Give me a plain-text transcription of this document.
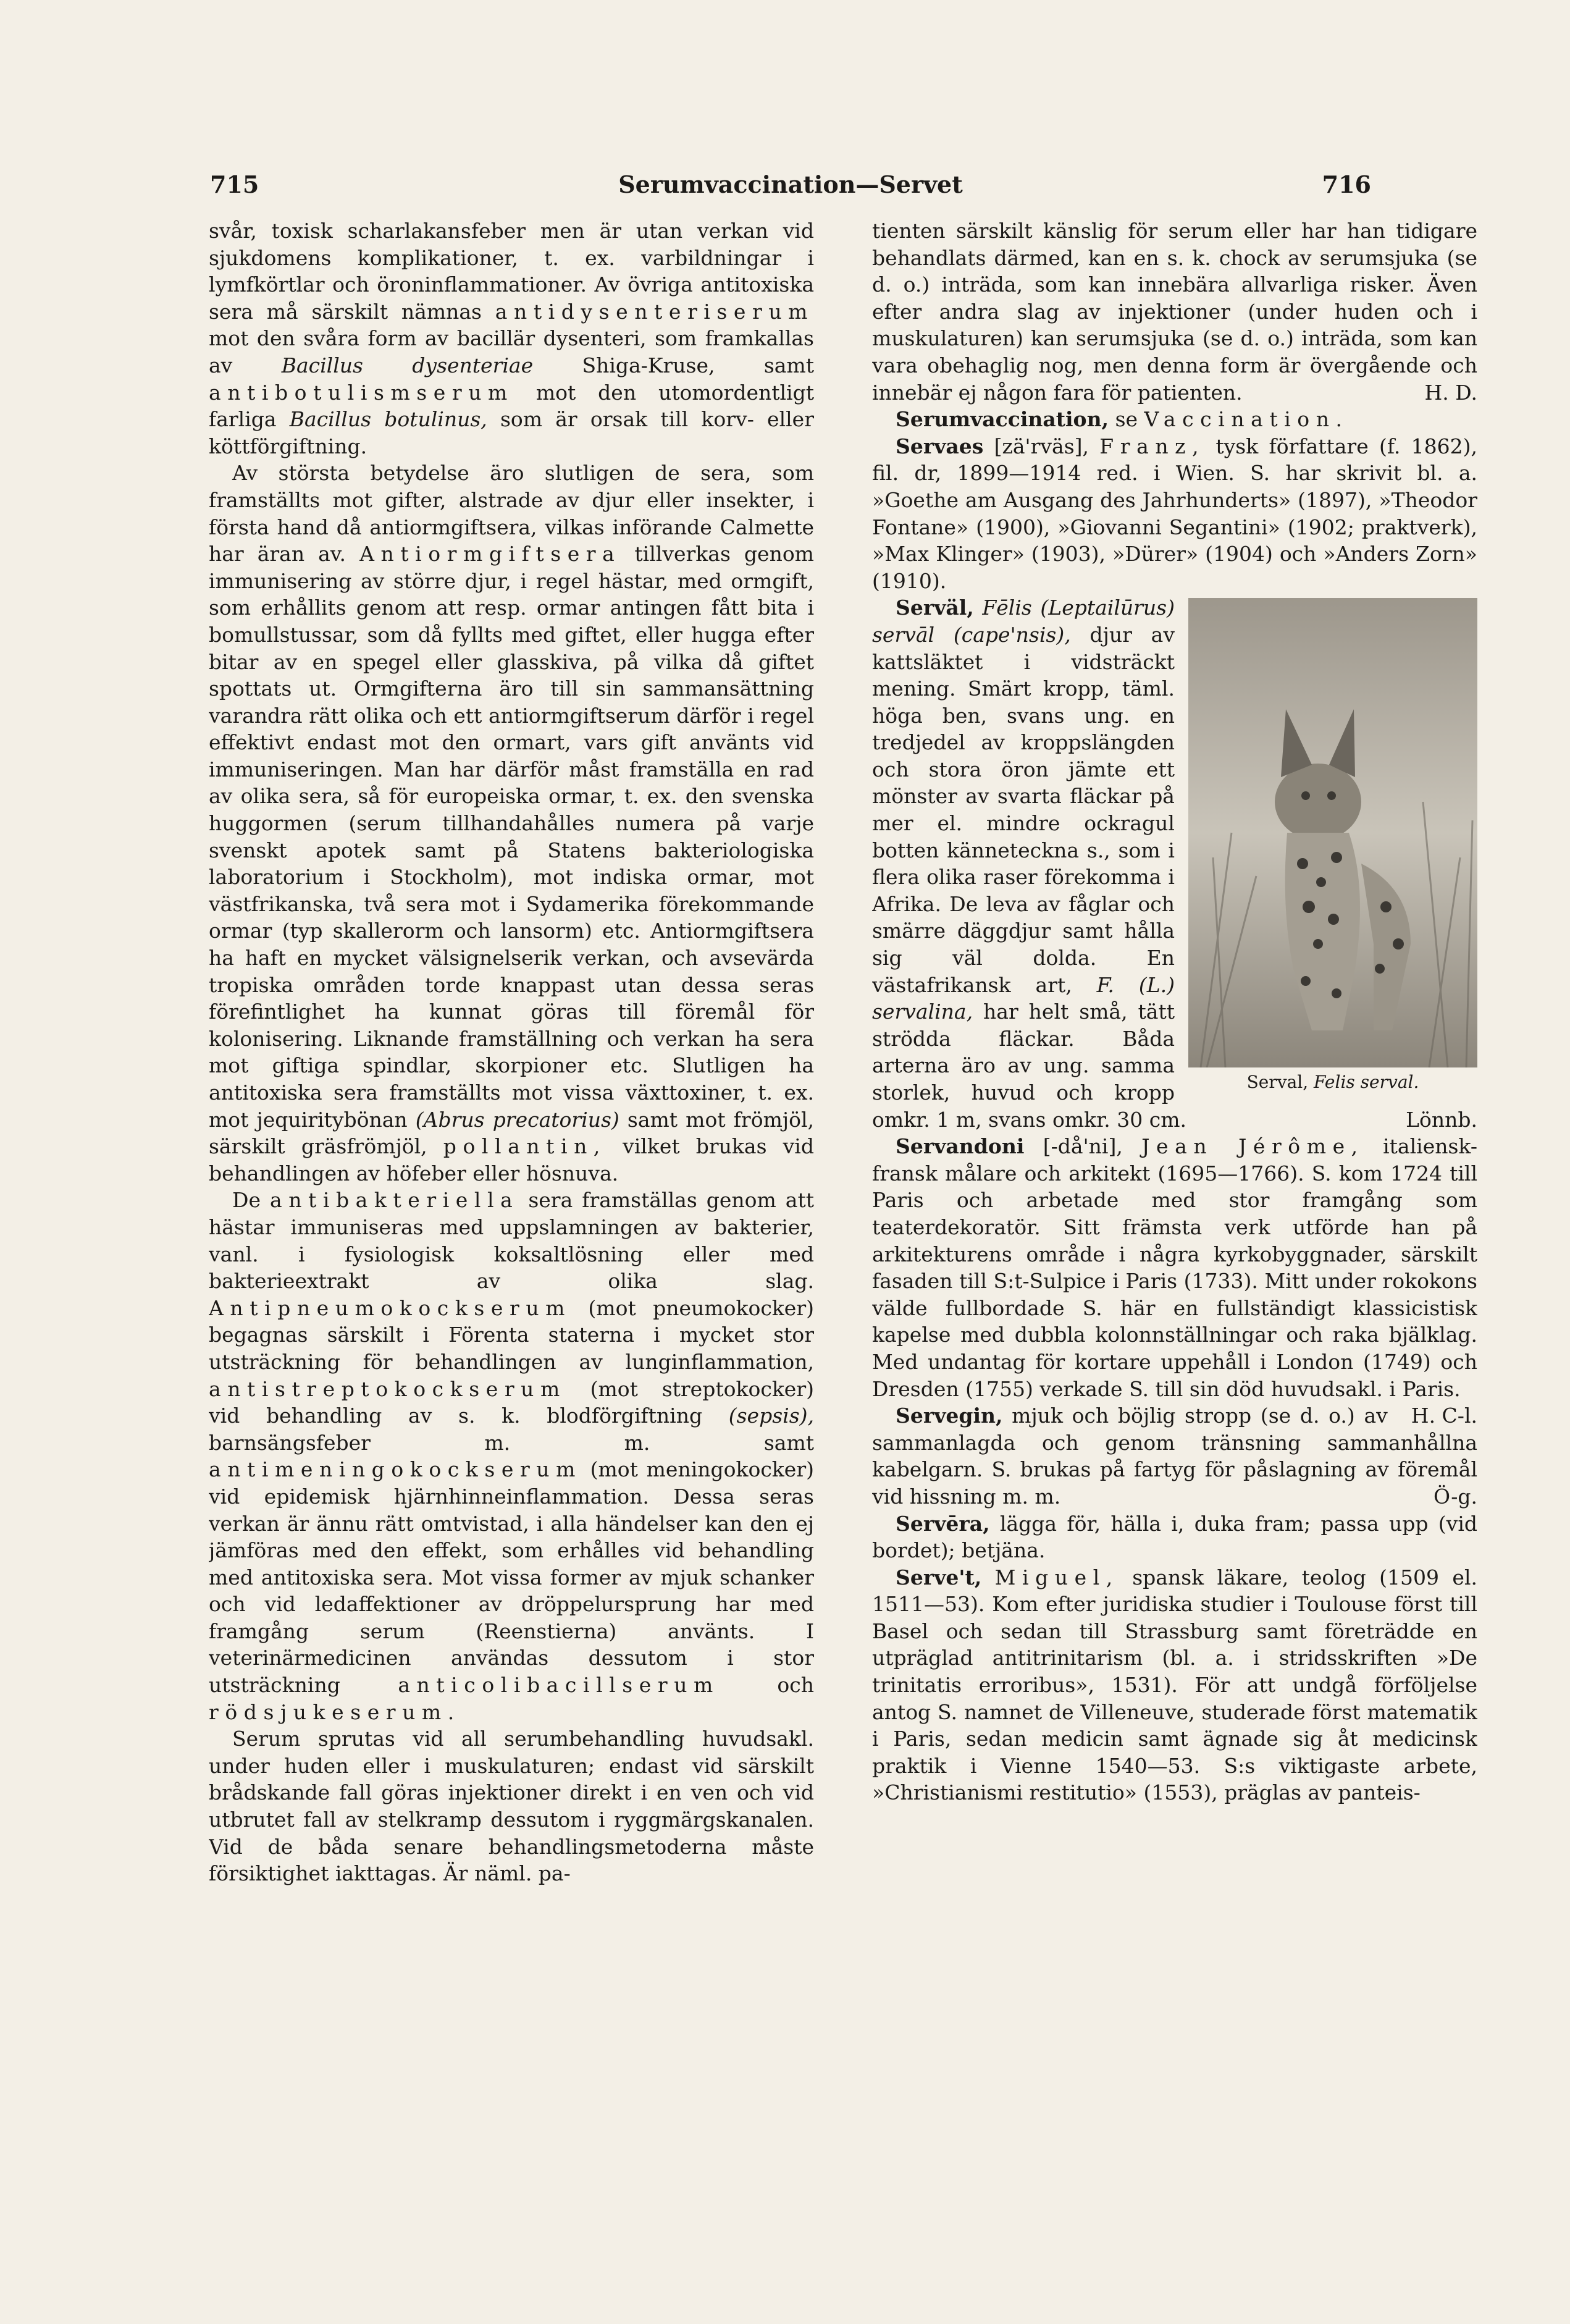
715	Serumvaccination—Servet	716

svår, toxisk scharlakansfeber men är utan verkan vid sjukdomens komplikationer, t. ex. varbildningar i lymfkörtlar och öroninflammationer. Av övriga antitoxiska sera må särskilt nämnas antidysenteriserum mot den svåra form av bacillär dysenteri, som framkallas av Bacillus dysenteriae Shiga-Kruse, samt antibotulismserum mot den utomordentligt farliga Bacillus botulinus, som är orsak till korv- eller köttförgiftning.

Av största betydelse äro slutligen de sera, som framställts mot gifter, alstrade av djur eller insekter, i första hand då antiormgiftsera, vilkas införande Calmette har äran av. Antiormgiftsera tillverkas genom immunisering av större djur, i regel hästar, med ormgift, som erhållits genom att resp. ormar antingen fått bita i bomullstussar, som då fyllts med giftet, eller hugga efter bitar av en spegel eller glasskiva, på vilka då giftet spottats ut. Ormgifterna äro till sin sammansättning varandra rätt olika och ett antiormgiftserum därför i regel effektivt endast mot den ormart, vars gift använts vid immuniseringen. Man har därför måst framställa en rad av olika sera, så för europeiska ormar, t. ex. den svenska huggormen (serum tillhandahålles numera på varje svenskt apotek samt på Statens bakteriologiska laboratorium i Stockholm), mot indiska ormar, mot västfrikanska, två sera mot i Sydamerika förekommande ormar (typ skallerorm och lansorm) etc. Antiormgiftsera ha haft en mycket välsignelserik verkan, och avsevärda tropiska områden torde knappast utan dessa seras förefintlighet ha kunnat göras till föremål för kolonisering. Liknande framställning och verkan ha sera mot giftiga spindlar, skorpioner etc. Slutligen ha antitoxiska sera framställts mot vissa växttoxiner, t. ex. mot jequiritybönan (Abrus precatorius) samt mot frömjöl, särskilt gräsfrömjöl, pollantin, vilket brukas vid behandlingen av höfeber eller hösnuva.

De antibakteriella sera framställas genom att hästar immuniseras med uppslamningen av bakterier, vanl. i fysiologisk koksaltlösning eller med bakterieextrakt av olika slag. Antipneumokockserum (mot pneumokocker) begagnas särskilt i Förenta staterna i mycket stor utsträckning för behandlingen av lunginflammation, antistreptokockserum (mot streptokocker) vid behandling av s. k. blodförgiftning (sepsis), barnsängsfeber m. m. samt antimeningokockserum (mot meningokocker) vid epidemisk hjärnhinneinflammation. Dessa seras verkan är ännu rätt omtvistad, i alla händelser kan den ej jämföras med den effekt, som erhålles vid behandling med antitoxiska sera. Mot vissa former av mjuk schanker och vid ledaffektioner av dröppelursprung har med framgång serum (Reenstierna) använts. I veterinärmedicinen användas dessutom i stor utsträckning	anticolibacillserum	och rödsjukeserum.

Serum sprutas vid all serumbehandling huvudsakl. under huden eller i muskulaturen; endast vid särskilt brådskande fall göras injektioner direkt i en ven och vid utbrutet fall av stelkramp dessutom i ryggmärgskanalen. Vid de båda senare behandlingsmetoderna måste försiktighet iakttagas. Är näml. pa-

tienten särskilt känslig för serum eller har han tidigare behandlats därmed, kan en s. k. chock av serumsjuka (se d. o.) inträda, som kan innebära allvarliga risker. Även efter andra slag av injektioner (under huden och i muskulaturen) kan serumsjuka (se d. o.) inträda, som kan vara obehaglig nog, men denna form är övergående och innebär ej någon fara för patienten.	H. D.

Serumvaccination, se Vaccination.

Servaes [zä'rväs], Franz, tysk författare (f. 1862), fil. dr, 1899—1914 red. i Wien. S. har skrivit bl. a. »Goethe am Ausgang des Jahrhunderts» (1897), »Theodor Fontane» (1900), »Giovanni Segantini» (1902; praktverk), »Max Klinger» (1903), »Dürer» (1904) och »Anders Zorn» (1910).

Serval, Felis serval.
Serväl, Fēlis (Leptailūrus) servāl (cape'nsis), djur av kattsläktet i vidsträckt mening. Smärt kropp, täml. höga ben, svans ung. en tredjedel av kroppslängden och stora öron jämte ett mönster av svarta fläckar på mer el. mindre ockragul botten kännetecknа s., som i flera olika raser förekomma i Afrika. De leva av fåglar och smärre däggdjur samt hålla sig väl dolda. En västafrikansk art, F. (L.) servalina, har helt små, tätt strödda fläckar. Båda arterna äro av ung. samma storlek, huvud och kropp omkr. 1 m, svans omkr. 30 cm.	Lönnb.

Servandoni [-då'ni], Jean Jérôme, italiensk-fransk målare och arkitekt (1695—1766). S. kom 1724 till Paris och arbetade med stor framgång som teaterdekoratör. Sitt främsta verk utförde han på arkitekturens område i några kyrkobyggnader, särskilt fasaden till S:t-Sulpice i Paris (1733). Mitt under rokokons välde fullbordade S. här en fullständigt klassicistisk kapelse med dubbla kolonnställningar och raka bjälklag. Med undantag för kortare uppehåll i London (1749) och Dresden (1755) verkade S. till sin död huvudsakl. i Paris.
H. C-l.

Servegin, mjuk och böjlig stropp (se d. o.) av sammanlagda och genom tränsning sammanhållna kabelgarn. S. brukas på fartyg för påslagning av föremål vid hissning m. m.	Ö-g.

Servēra, lägga för, hälla i, duka fram; passa upp (vid bordet); betjäna.

Serve't, Miguel, spansk läkare, teolog (1509 el. 1511—53). Kom efter juridiska studier i Toulouse först till Basel och sedan till Strassburg samt företrädde en utpräglad antitrinitarism (bl. a. i stridsskriften »De trinitatis erroribus», 1531). För att undgå förföljelse antog S. namnet de Villeneuve, studerade först matematik i Paris, sedan medicin samt ägnade sig åt medicinsk praktik i Vienne 1540—53. S:s viktigaste arbete, »Christianismi restitutio» (1553), präglas av panteis-
